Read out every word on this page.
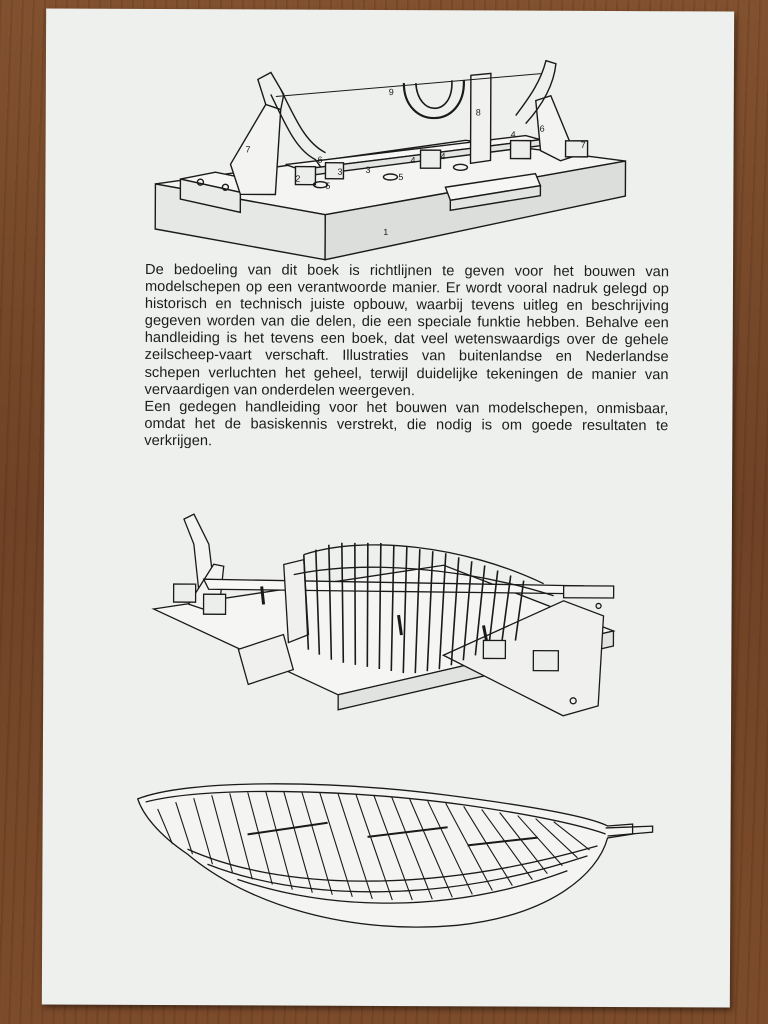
1
2
3	3
4
4
5
5
4
6
6
7	7
8
9

De bedoeling van dit boek is richtlijnen te geven voor het bouwen van modelschepen op een verantwoorde manier. Er wordt vooral nadruk gelegd op historisch en technisch juiste opbouw, waarbij tevens uitleg en beschrijving gegeven worden van die delen, die een speciale funktie hebben. Behalve een handleiding is het tevens een boek, dat veel wetenswaardigs over de gehele zeilscheep-vaart verschaft. Illustraties van buitenlandse en Nederlandse schepen verluchten het geheel, terwijl duidelijke tekeningen de manier van vervaardigen van onderdelen weergeven.

Een gedegen handleiding voor het bouwen van modelschepen, onmisbaar, omdat het de basiskennis verstrekt, die nodig is om goede resultaten te verkrijgen.
